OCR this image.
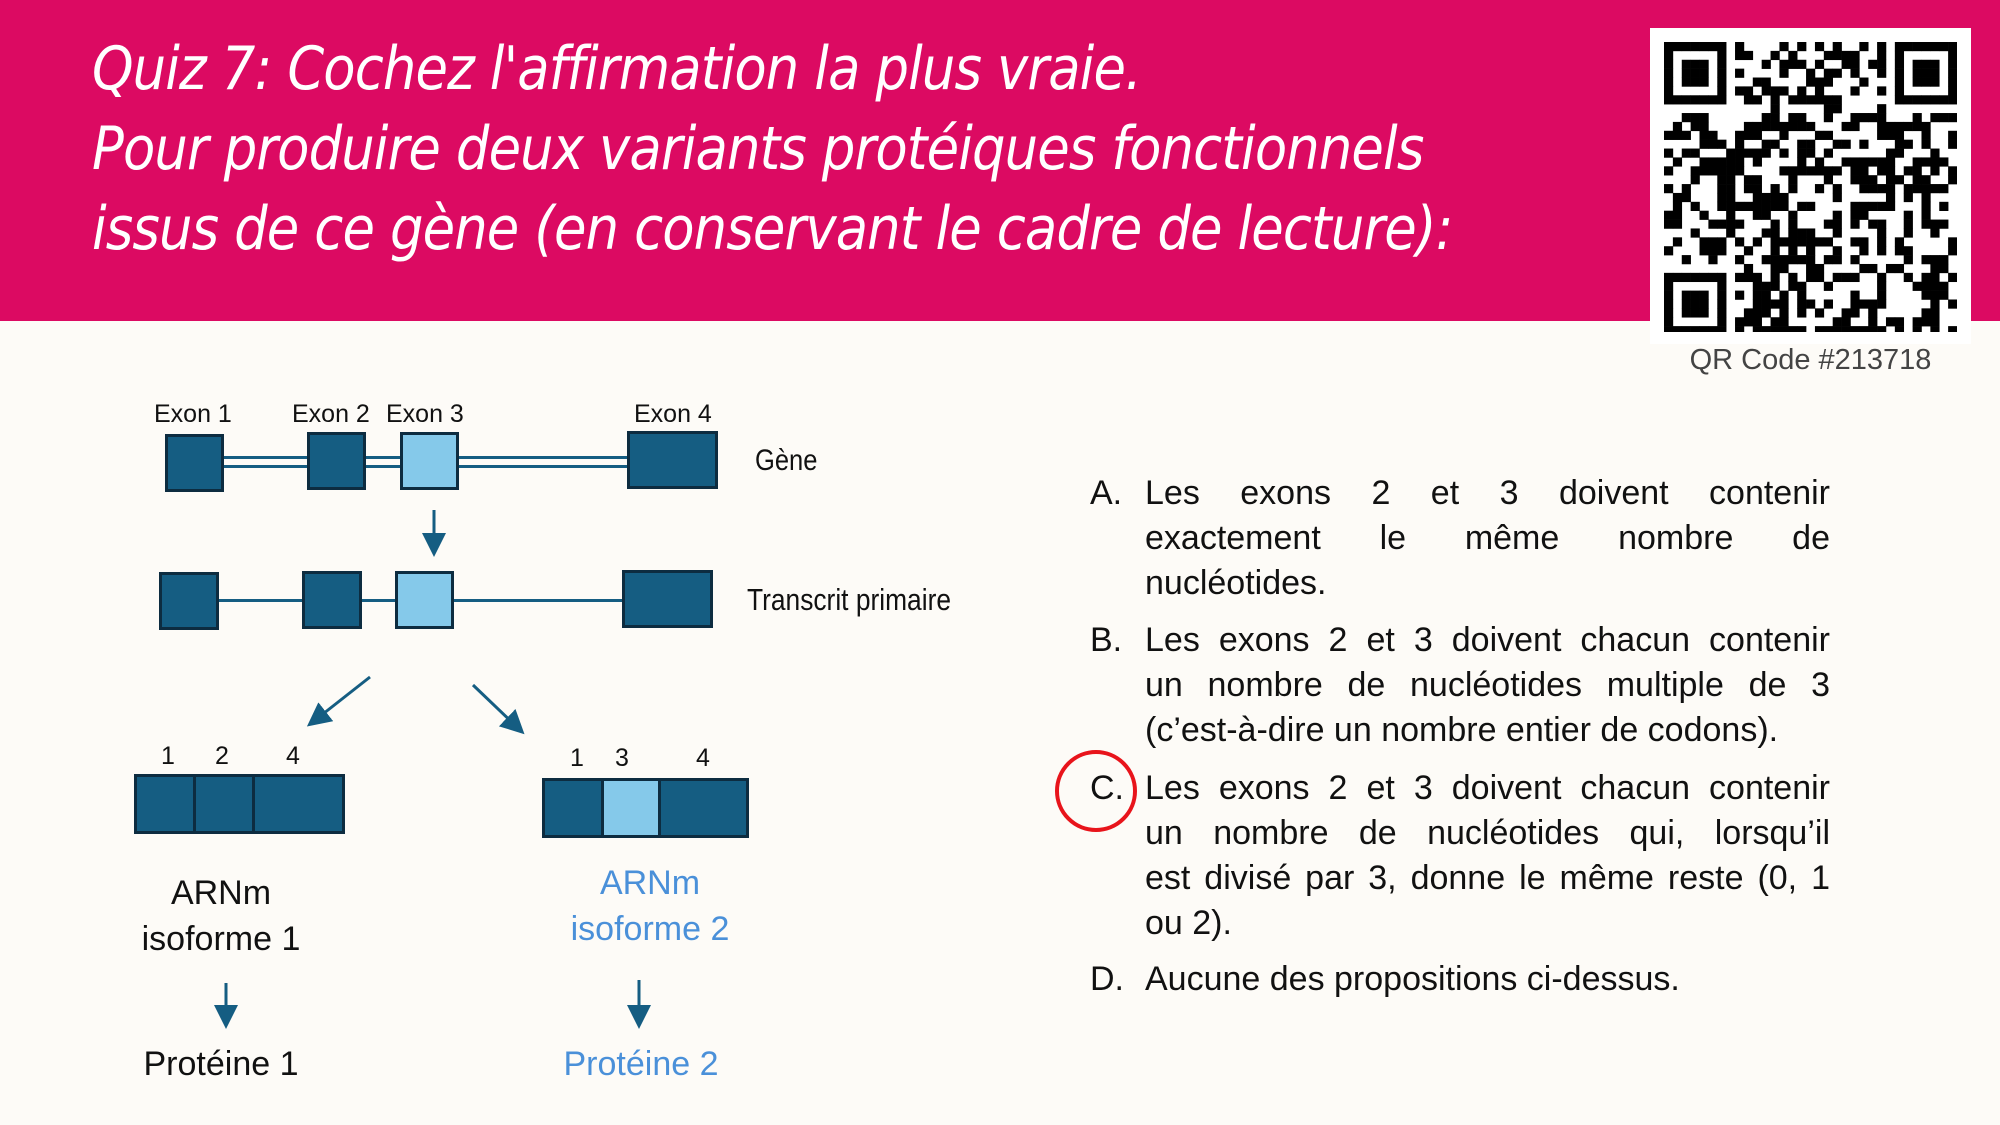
Quiz 7: Cochez l'affirmation la plus vraie.
Pour produire deux variants protéiques fonctionnels
issus de ce gène (en conservant le cadre de lecture):
QR Code #213718
Exon 1 Exon 2 Exon 3	Exon 4
Gène
Transcrit primaire
1 2 4	1 3	4
ARNm
isoforme 1
ARNm
isoforme 2
Protéine 1	Protéine 2
A. Les exons 2 et 3 doivent contenir
exactement le même nombre de
nucléotides.
B. Les exons 2 et 3 doivent chacun contenir
un nombre de nucléotides multiple de 3
(c’est-à-dire un nombre entier de codons).
C. Les exons 2 et 3 doivent chacun contenir
un nombre de nucléotides qui, lorsqu’il
est divisé par 3, donne le même reste (0, 1
ou 2).
D. Aucune des propositions ci-dessus.
